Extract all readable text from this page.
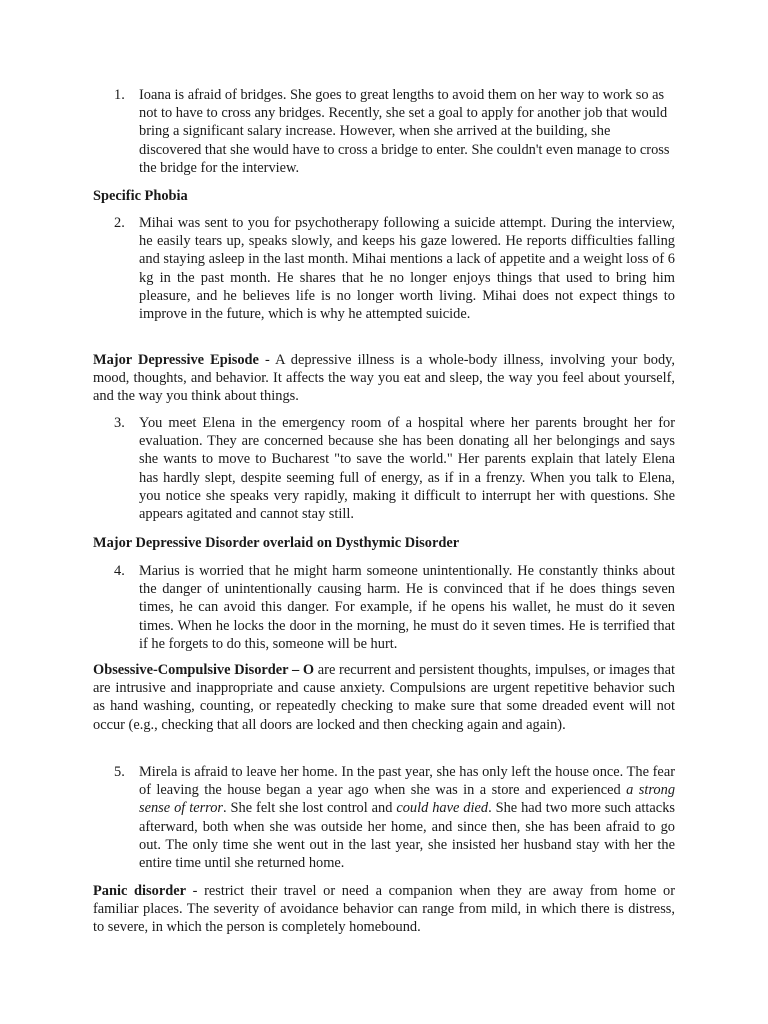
1. Ioana is afraid of bridges. She goes to great lengths to avoid them on her way to work so as not to have to cross any bridges. Recently, she set a goal to apply for another job that would bring a significant salary increase. However, when she arrived at the building, she discovered that she would have to cross a bridge to enter. She couldn't even manage to cross the bridge for the interview.

Specific Phobia

2. Mihai was sent to you for psychotherapy following a suicide attempt. During the interview, he easily tears up, speaks slowly, and keeps his gaze lowered. He reports difficulties falling and staying asleep in the last month. Mihai mentions a lack of appetite and a weight loss of 6 kg in the past month. He shares that he no longer enjoys things that used to bring him pleasure, and he believes life is no longer worth living. Mihai does not expect things to improve in the future, which is why he attempted suicide.

Major Depressive Episode - A depressive illness is a whole-body illness, involving your body, mood, thoughts, and behavior. It affects the way you eat and sleep, the way you feel about yourself, and the way you think about things.

3. You meet Elena in the emergency room of a hospital where her parents brought her for evaluation. They are concerned because she has been donating all her belongings and says she wants to move to Bucharest "to save the world." Her parents explain that lately Elena has hardly slept, despite seeming full of energy, as if in a frenzy. When you talk to Elena, you notice she speaks very rapidly, making it difficult to interrupt her with questions. She appears agitated and cannot stay still.

Major Depressive Disorder overlaid on Dysthymic Disorder

4. Marius is worried that he might harm someone unintentionally. He constantly thinks about the danger of unintentionally causing harm. He is convinced that if he does things seven times, he can avoid this danger. For example, if he opens his wallet, he must do it seven times. When he locks the door in the morning, he must do it seven times. He is terrified that if he forgets to do this, someone will be hurt.

Obsessive-Compulsive Disorder – O are recurrent and persistent thoughts, impulses, or images that are intrusive and inappropriate and cause anxiety. Compulsions are urgent repetitive behavior such as hand washing, counting, or repeatedly checking to make sure that some dreaded event will not occur (e.g., checking that all doors are locked and then checking again and again).

5. Mirela is afraid to leave her home. In the past year, she has only left the house once. The fear of leaving the house began a year ago when she was in a store and experienced a strong sense of terror. She felt she lost control and could have died. She had two more such attacks afterward, both when she was outside her home, and since then, she has been afraid to go out. The only time she went out in the last year, she insisted her husband stay with her the entire time until she returned home.

Panic disorder - restrict their travel or need a companion when they are away from home or familiar places. The severity of avoidance behavior can range from mild, in which there is distress, to severe, in which the person is completely homebound.
